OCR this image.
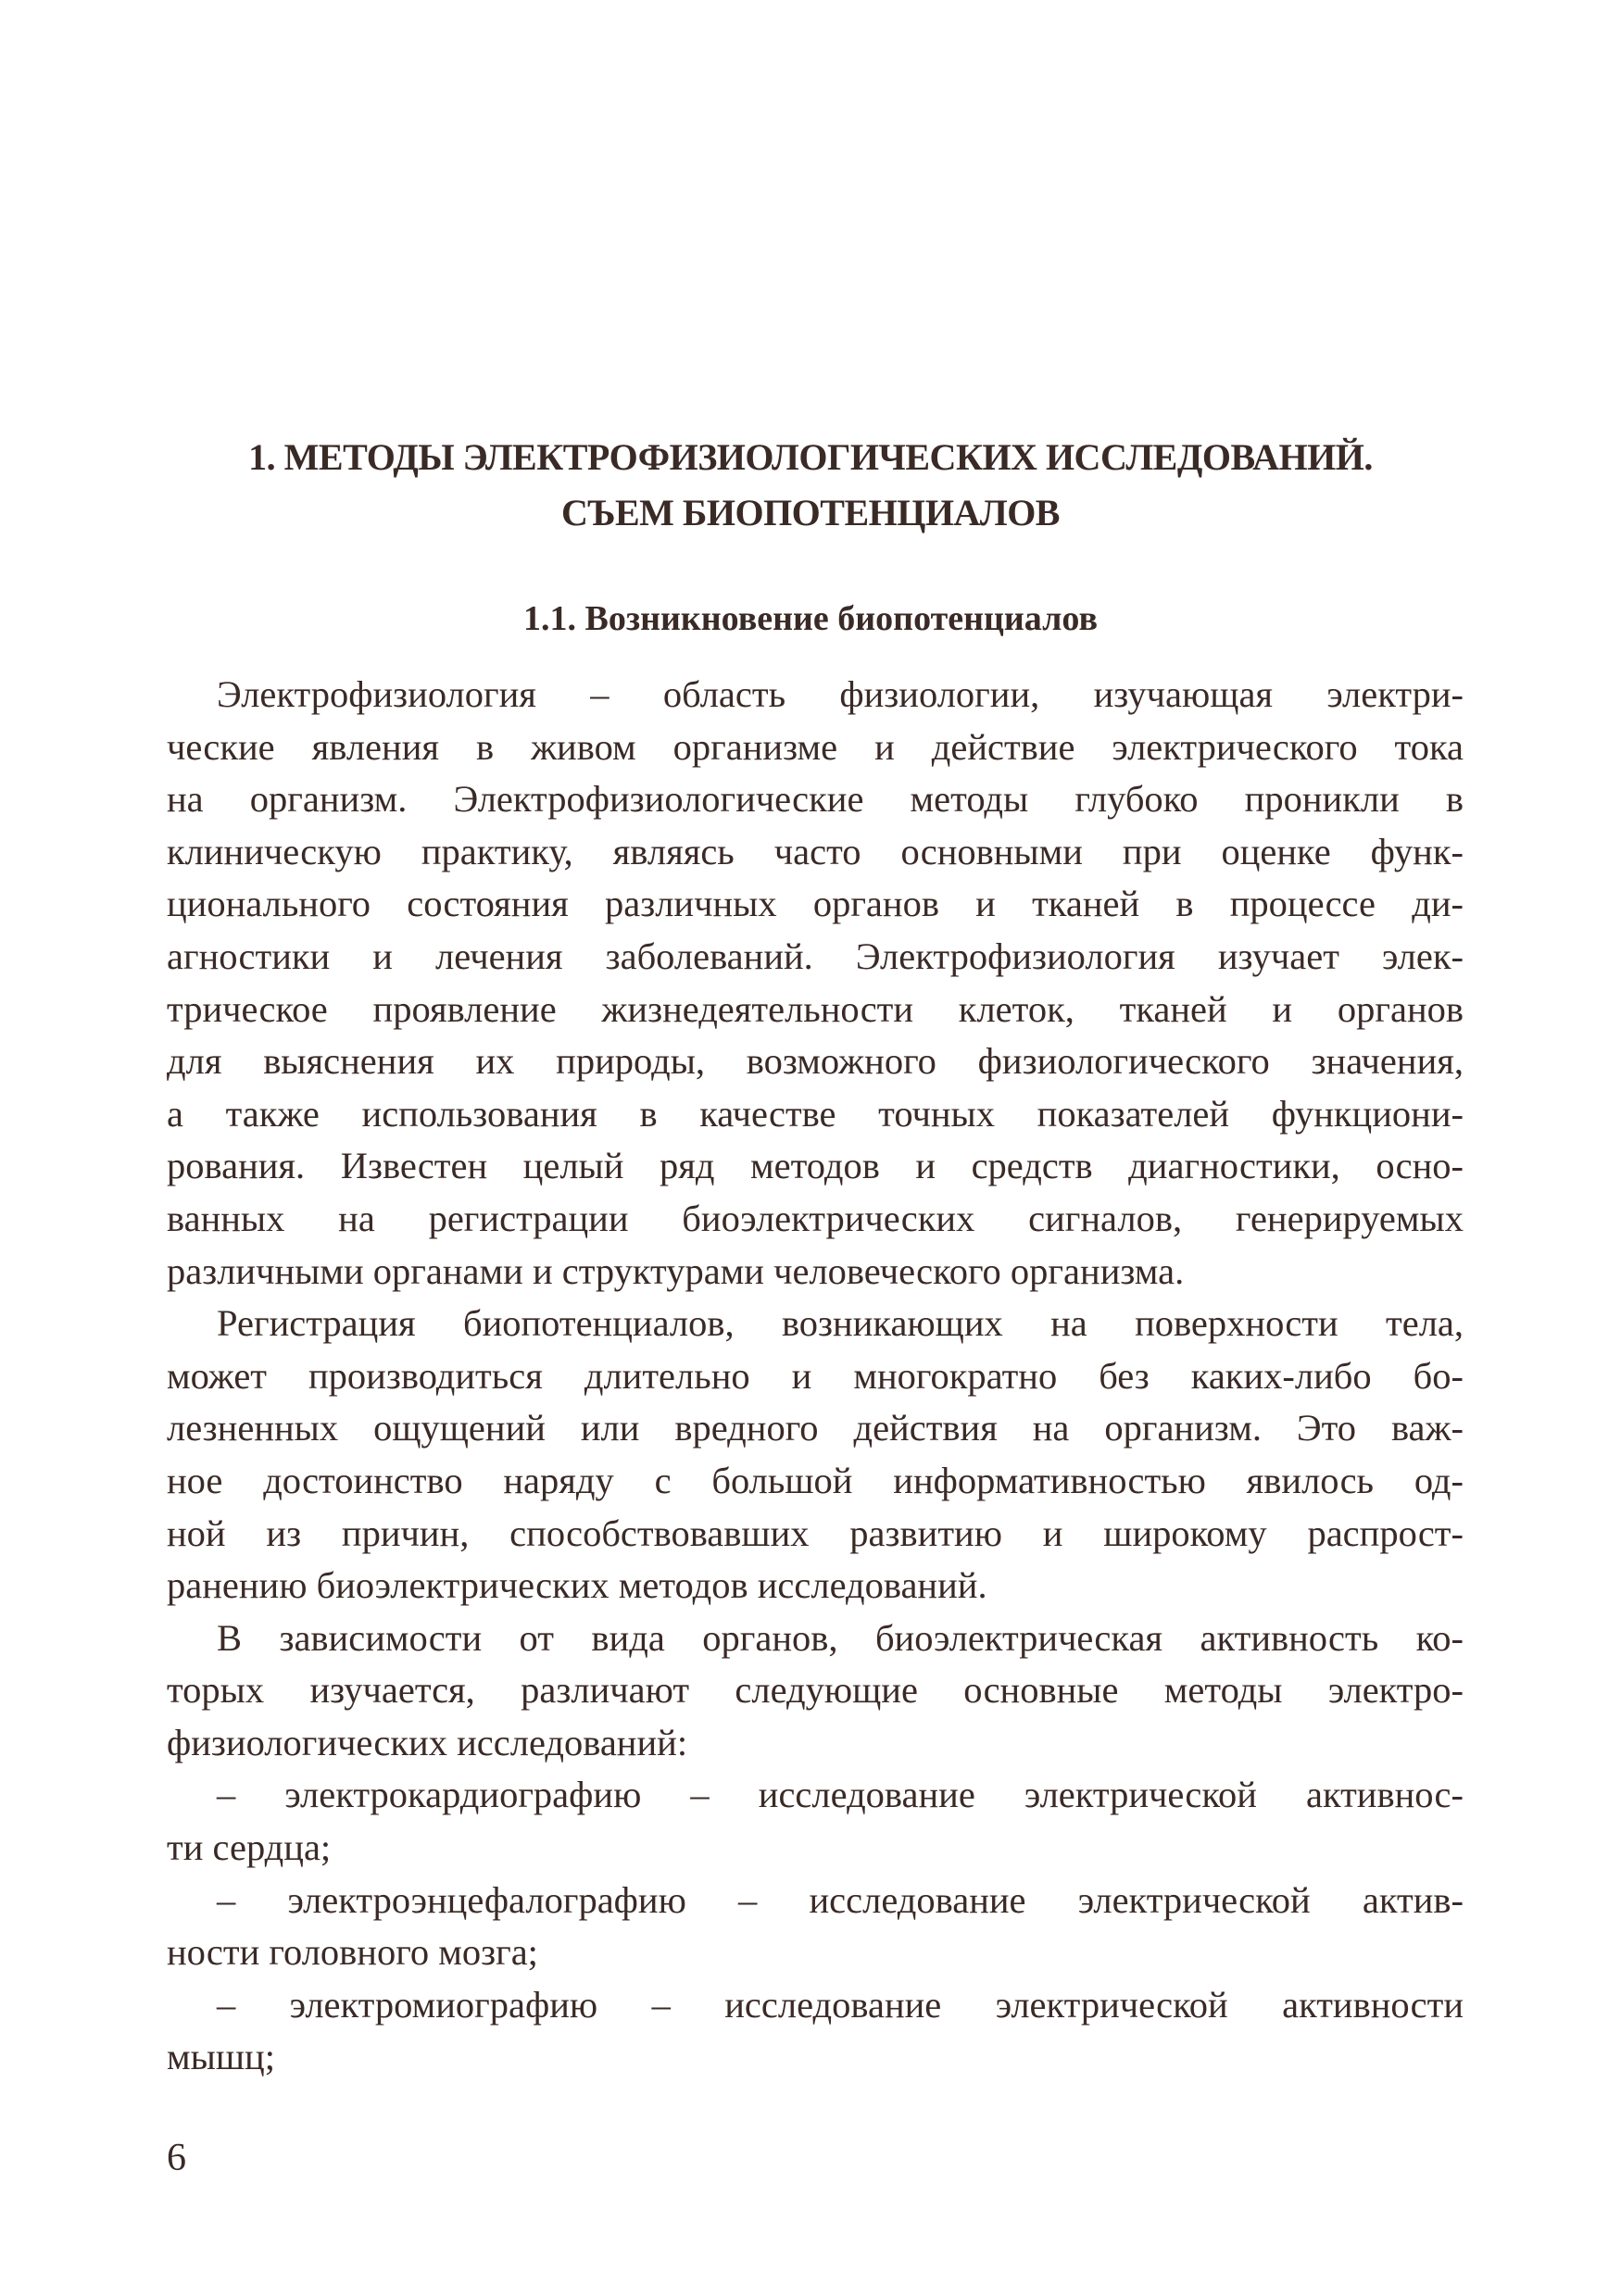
1. МЕТОДЫ ЭЛЕКТРОФИЗИОЛОГИЧЕСКИХ ИССЛЕДОВАНИЙ.
СЪЕМ БИОПОТЕНЦИАЛОВ
1.1. Возникновение биопотенциалов
Электрофизиология – область физиологии, изучающая электри-
ческие явления в живом организме и действие электрического тока
на организм. Электрофизиологические методы глубоко проникли в
клиническую практику, являясь часто основными при оценке функ-
ционального состояния различных органов и тканей в процессе ди-
агностики и лечения заболеваний. Электрофизиология изучает элек-
трическое проявление жизнедеятельности клеток, тканей и органов
для выяснения их природы, возможного физиологического значения,
а также использования в качестве точных показателей функциони-
рования. Известен целый ряд методов и средств диагностики, осно-
ванных на регистрации биоэлектрических сигналов, генерируемых
различными органами и структурами человеческого организма.
Регистрация биопотенциалов, возникающих на поверхности тела,
может производиться длительно и многократно без каких-либо бо-
лезненных ощущений или вредного действия на организм. Это важ-
ное достоинство наряду с большой информативностью явилось од-
ной из причин, способствовавших развитию и широкому распрост-
ранению биоэлектрических методов исследований.
В зависимости от вида органов, биоэлектрическая активность ко-
торых изучается, различают следующие основные методы электро-
физиологических исследований:
– электрокардиографию – исследование электрической активнос-
ти сердца;
– электроэнцефалографию – исследование электрической актив-
ности головного мозга;
– электромиографию – исследование электрической активности
мышц;
6
